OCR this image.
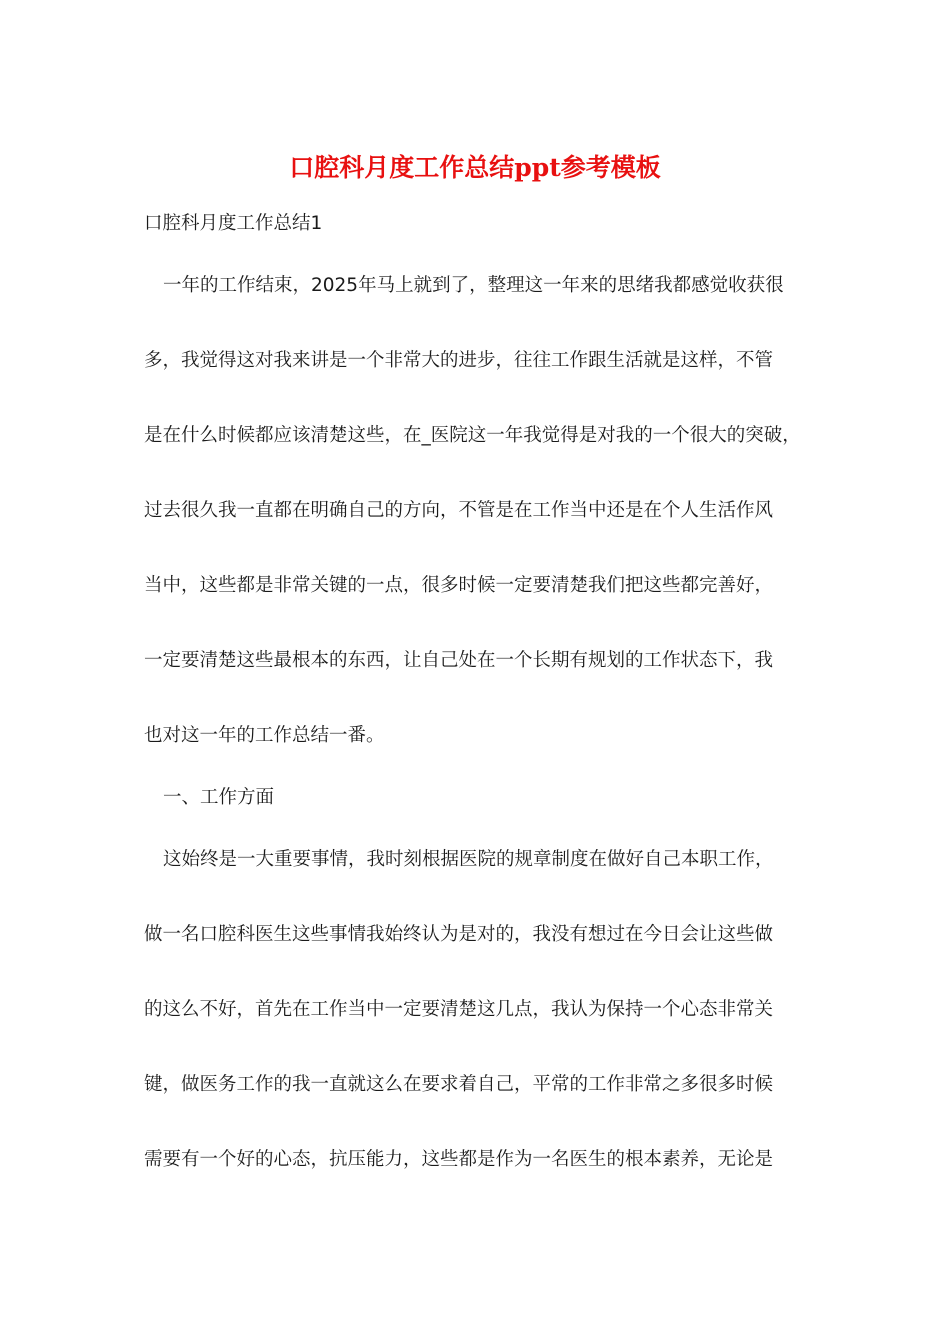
口腔科月度工作总结ppt参考模板

口腔科月度工作总结1

一年的工作结束，2025年马上就到了，整理这一年来的思绪我都感觉收获很

多，我觉得这对我来讲是一个非常大的进步，往往工作跟生活就是这样，不管

是在什么时候都应该清楚这些，在_医院这一年我觉得是对我的一个很大的突破，

过去很久我一直都在明确自己的方向，不管是在工作当中还是在个人生活作风

当中，这些都是非常关键的一点，很多时候一定要清楚我们把这些都完善好，

一定要清楚这些最根本的东西，让自己处在一个长期有规划的工作状态下，我

也对这一年的工作总结一番。

一、工作方面

这始终是一大重要事情，我时刻根据医院的规章制度在做好自己本职工作，

做一名口腔科医生这些事情我始终认为是对的，我没有想过在今日会让这些做

的这么不好，首先在工作当中一定要清楚这几点，我认为保持一个心态非常关

键，做医务工作的我一直就这么在要求着自己，平常的工作非常之多很多时候

需要有一个好的心态，抗压能力，这些都是作为一名医生的根本素养，无论是
